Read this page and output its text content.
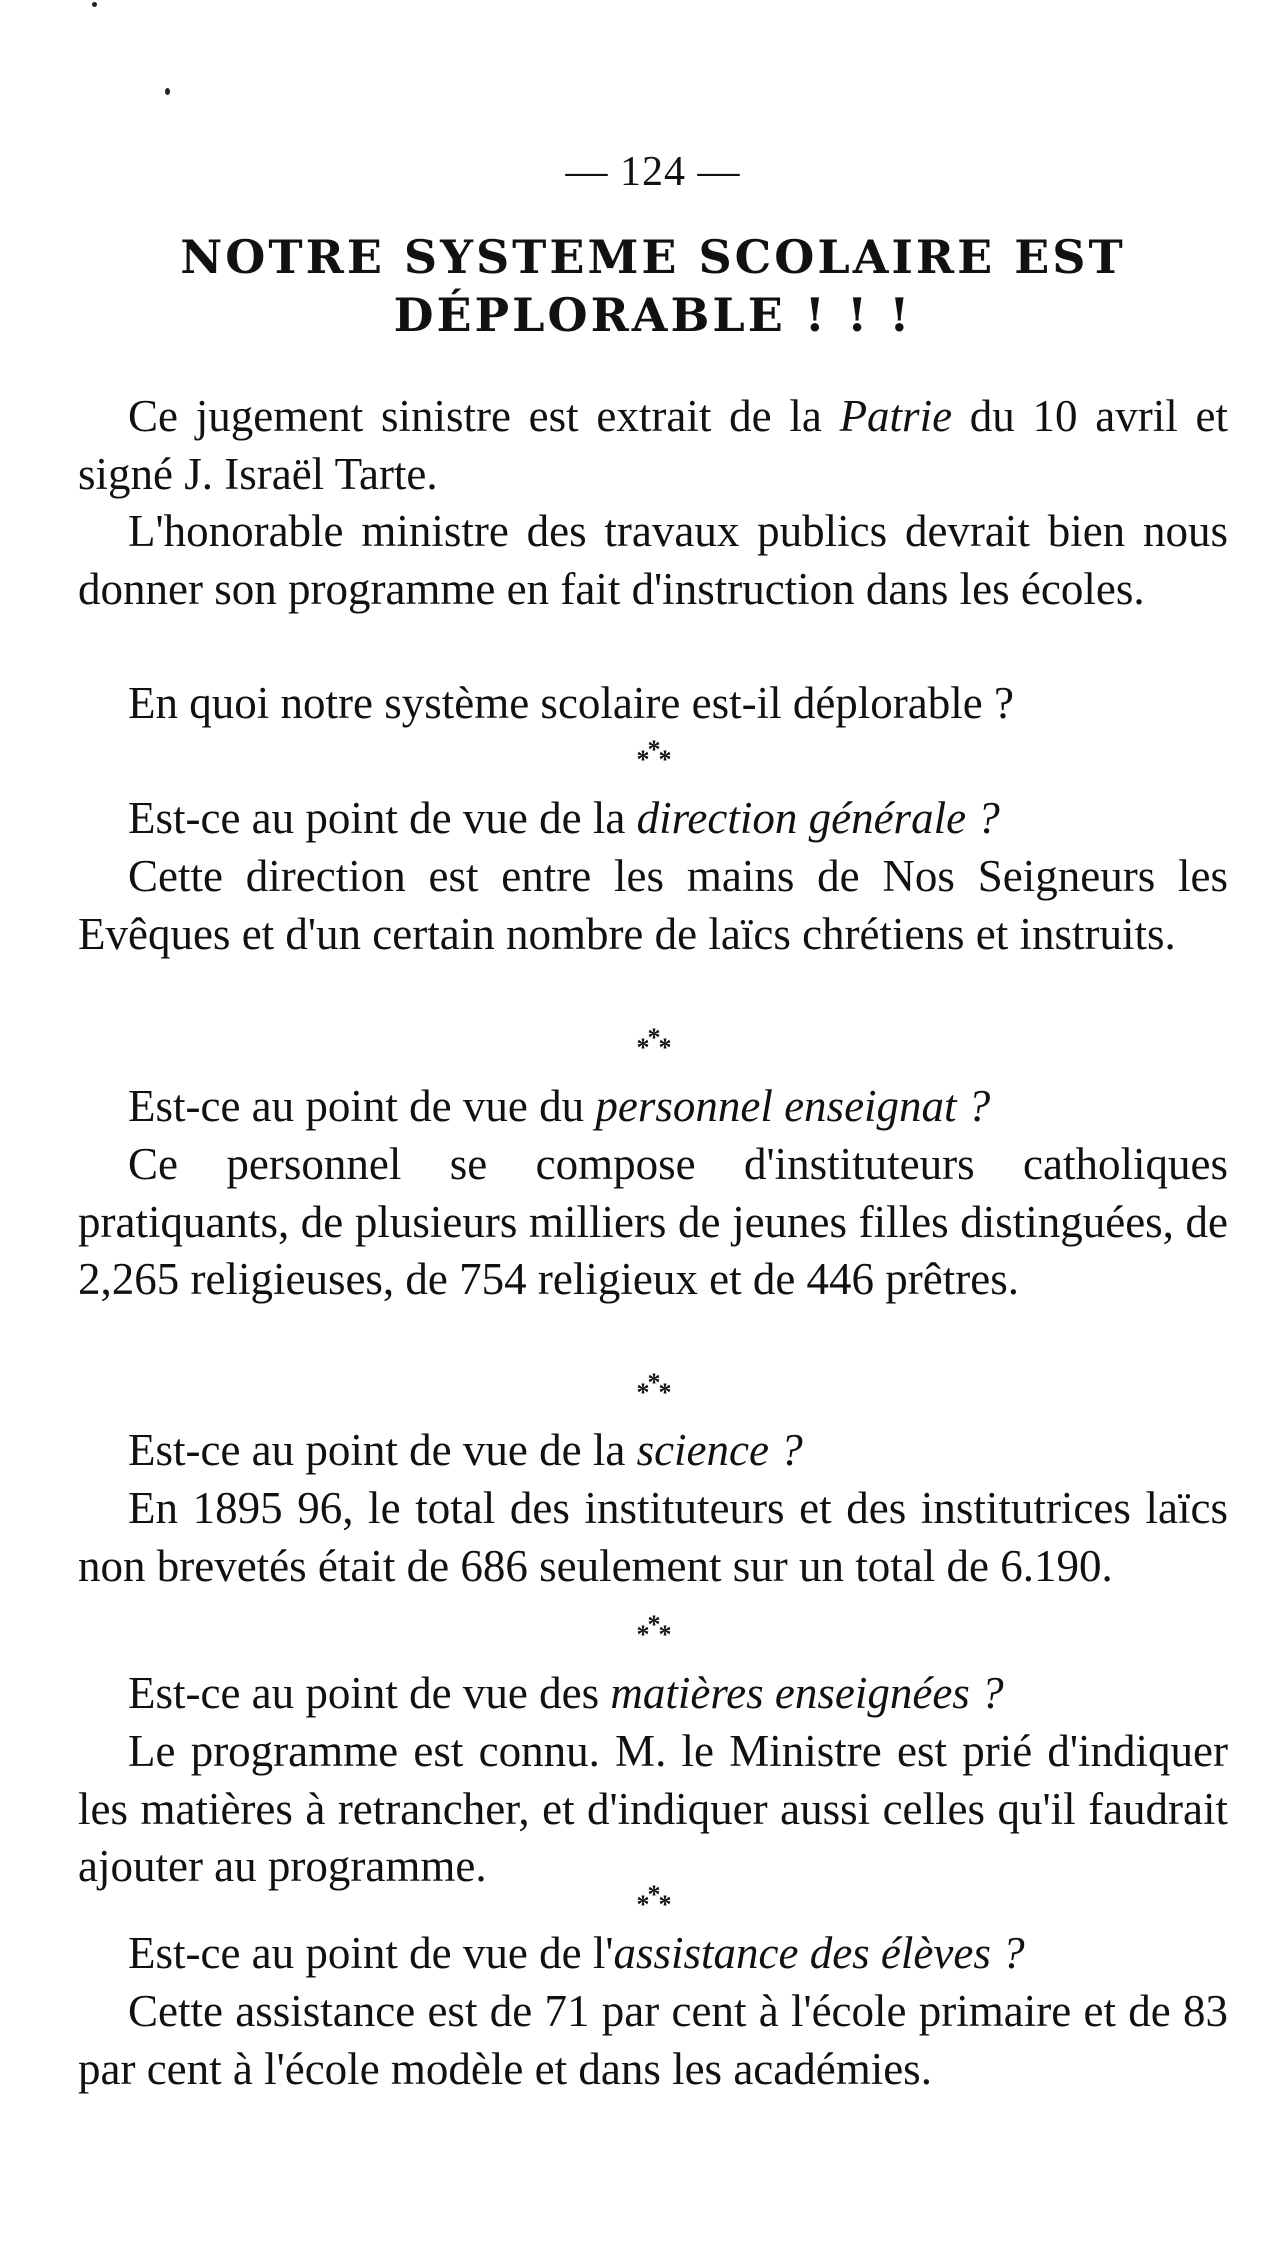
— 124 —
NOTRE SYSTEME SCOLAIRE EST
DÉPLORABLE ! ! !
Ce jugement sinistre est extrait de la Patrie du 10 avril et signé J. Israël Tarte.
L'honorable ministre des travaux publics devrait bien nous donner son programme en fait d'instruction dans les écoles.
En quoi notre système scolaire est-il déplorable ?
***
Est-ce au point de vue de la direction générale ?
Cette direction est entre les mains de Nos Seigneurs les Evêques et d'un certain nombre de laïcs chrétiens et instruits.
***
Est-ce au point de vue du personnel enseignat ?
Ce personnel se compose d'instituteurs catholiques pratiquants, de plusieurs milliers de jeunes filles distinguées, de 2,265 religieuses, de 754 religieux et de 446 prêtres.
***
Est-ce au point de vue de la science ?
En 1895 96, le total des instituteurs et des institutrices laïcs non brevetés était de 686 seulement sur un total de 6.190.
***
Est-ce au point de vue des matières enseignées ?
Le programme est connu. M. le Ministre est prié d'indiquer les matières à retrancher, et d'indiquer aussi celles qu'il faudrait ajouter au programme.
***
Est-ce au point de vue de l'assistance des élèves ?
Cette assistance est de 71 par cent à l'école primaire et de 83 par cent à l'école modèle et dans les académies.
